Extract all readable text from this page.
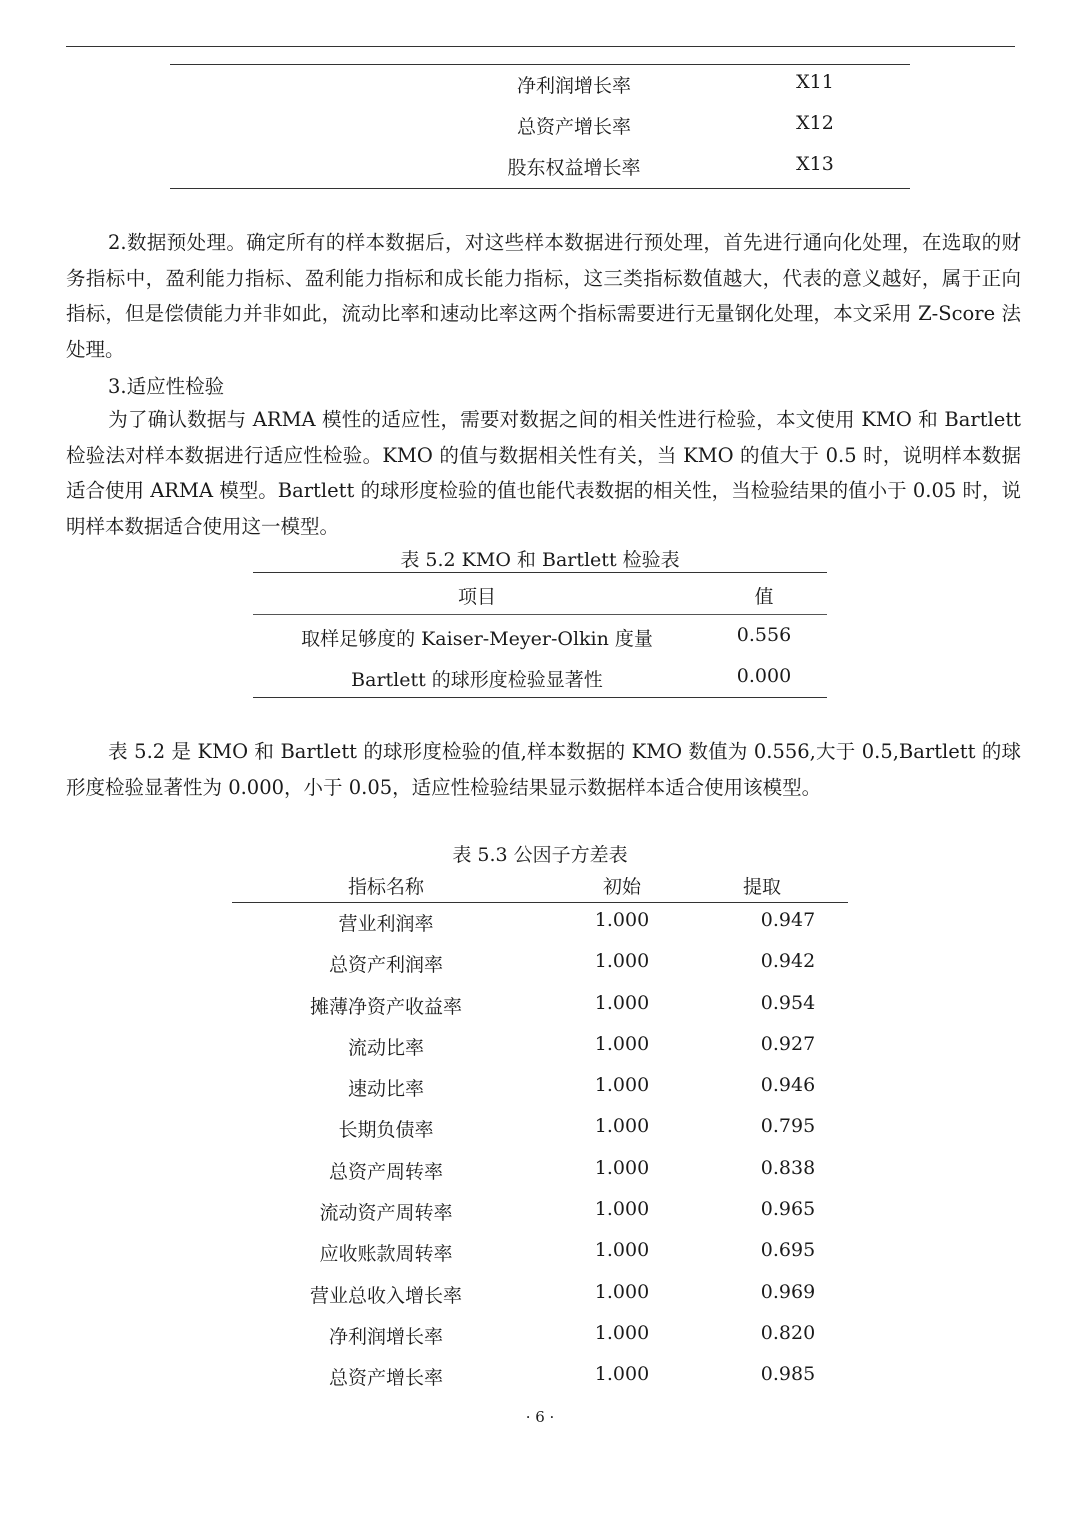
净利润增长率	X11
总资产增长率	X12
股东权益增长率	X13
2.数据预处理。确定所有的样本数据后，对这些样本数据进行预处理，首先进行通向化处理，在选取的财务指标中，盈利能力指标、盈利能力指标和成长能力指标，这三类指标数值越大，代表的意义越好，属于正向指标，但是偿债能力并非如此，流动比率和速动比率这两个指标需要进行无量钢化处理，本文采用 Z-Score 法处理。
3.适应性检验
为了确认数据与 ARMA 模性的适应性，需要对数据之间的相关性进行检验，本文使用 KMO 和 Bartlett 检验法对样本数据进行适应性检验。KMO 的值与数据相关性有关，当 KMO 的值大于 0.5 时，说明样本数据适合使用 ARMA 模型。Bartlett 的球形度检验的值也能代表数据的相关性，当检验结果的值小于 0.05 时，说明样本数据适合使用这一模型。
表 5.2 KMO 和 Bartlett 检验表
项目	值
取样足够度的 Kaiser-Meyer-Olkin 度量	0.556
Bartlett 的球形度检验显著性	0.000
表 5.2 是 KMO 和 Bartlett 的球形度检验的值,样本数据的 KMO 数值为 0.556,大于 0.5,Bartlett 的球形度检验显著性为 0.000，小于 0.05，适应性检验结果显示数据样本适合使用该模型。
表 5.3 公因子方差表
指标名称	初始	提取
营业利润率	1.000	0.947
总资产利润率	1.000	0.942
摊薄净资产收益率	1.000	0.954
流动比率	1.000	0.927
速动比率	1.000	0.946
长期负债率	1.000	0.795
总资产周转率	1.000	0.838
流动资产周转率	1.000	0.965
应收账款周转率	1.000	0.695
营业总收入增长率	1.000	0.969
净利润增长率	1.000	0.820
总资产增长率	1.000	0.985
· 6 ·
